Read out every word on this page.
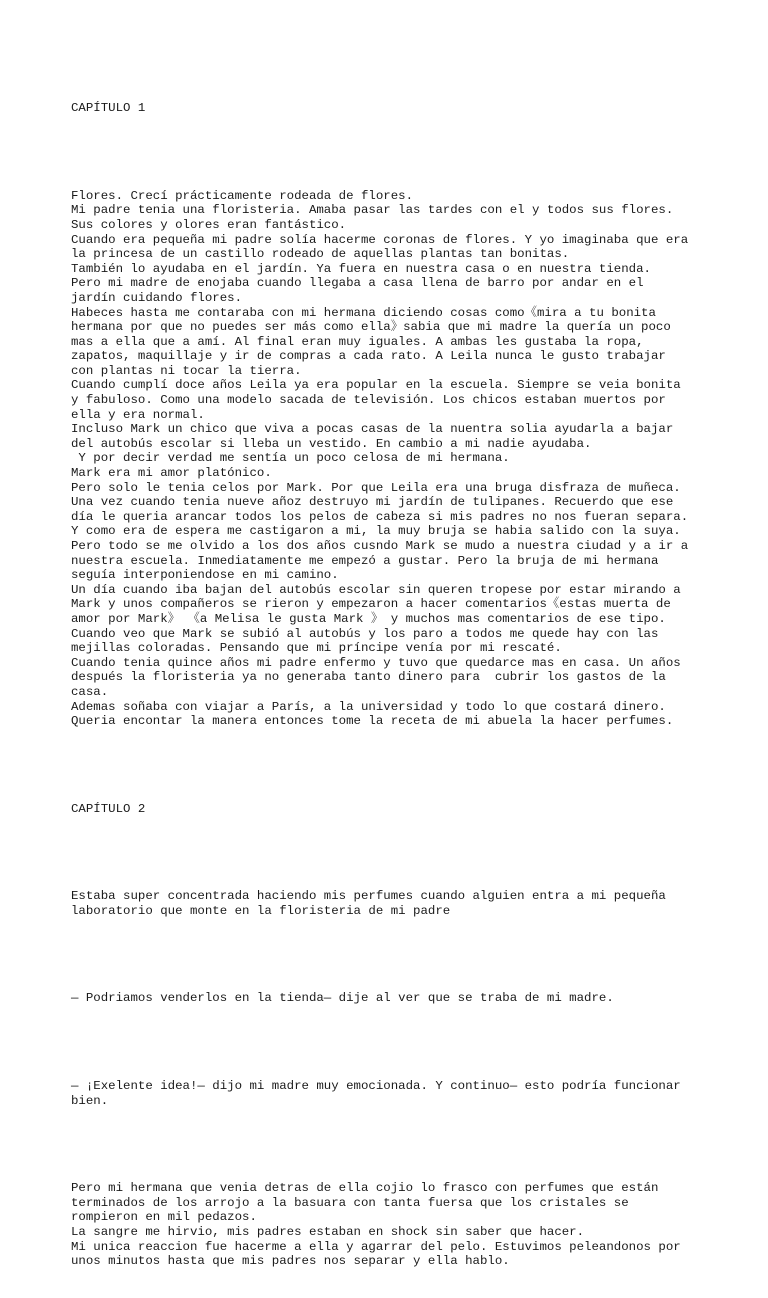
CAPÍTULO 1

Flores. Crecí prácticamente rodeada de flores.
Mi padre tenia una floristeria. Amaba pasar las tardes con el y todos sus flores.
Sus colores y olores eran fantástico.
Cuando era pequeña mi padre solía hacerme coronas de flores. Y yo imaginaba que era
la princesa de un castillo rodeado de aquellas plantas tan bonitas.
También lo ayudaba en el jardín. Ya fuera en nuestra casa o en nuestra tienda.
Pero mi madre de enojaba cuando llegaba a casa llena de barro por andar en el
jardín cuidando flores.
Habeces hasta me contaraba con mi hermana diciendo cosas como《mira a tu bonita
hermana por que no puedes ser más como ella》sabia que mi madre la quería un poco
mas a ella que a amí. Al final eran muy iguales. A ambas les gustaba la ropa,
zapatos, maquillaje y ir de compras a cada rato. A Leila nunca le gusto trabajar
con plantas ni tocar la tierra.
Cuando cumplí doce años Leila ya era popular en la escuela. Siempre se veia bonita
y fabuloso. Como una modelo sacada de televisión. Los chicos estaban muertos por
ella y era normal.
Incluso Mark un chico que viva a pocas casas de la nuentra solia ayudarla a bajar
del autobús escolar si lleba un vestido. En cambio a mi nadie ayudaba.
Y por decir verdad me sentía un poco celosa de mi hermana.
Mark era mi amor platónico.
Pero solo le tenia celos por Mark. Por que Leila era una bruga disfraza de muñeca.
Una vez cuando tenia nueve añoz destruyo mi jardín de tulipanes. Recuerdo que ese
día le queria arancar todos los pelos de cabeza si mis padres no nos fueran separa.
Y como era de espera me castigaron a mi, la muy bruja se habia salido con la suya.
Pero todo se me olvido a los dos años cusndo Mark se mudo a nuestra ciudad y a ir a
nuestra escuela. Inmediatamente me empezó a gustar. Pero la bruja de mi hermana
seguía interponiendose en mi camino.
Un día cuando iba bajan del autobús escolar sin queren tropese por estar mirando a
Mark y unos compañeros se rieron y empezaron a hacer comentarios《estas muerta de
amor por Mark》 《a Melisa le gusta Mark 》 y muchos mas comentarios de ese tipo.
Cuando veo que Mark se subió al autobús y los paro a todos me quede hay con las
mejillas coloradas. Pensando que mi príncipe venía por mi rescaté.
Cuando tenia quince años mi padre enfermo y tuvo que quedarce mas en casa. Un años
después la floristeria ya no generaba tanto dinero para  cubrir los gastos de la
casa.
Ademas soñaba con viajar a París, a la universidad y todo lo que costará dinero.
Queria encontar la manera entonces tome la receta de mi abuela la hacer perfumes.

CAPÍTULO 2

Estaba super concentrada haciendo mis perfumes cuando alguien entra a mi pequeña
laboratorio que monte en la floristeria de mi padre

— Podriamos venderlos en la tienda— dije al ver que se traba de mi madre.

— ¡Exelente idea!— dijo mi madre muy emocionada. Y continuo— esto podría funcionar
bien.

Pero mi hermana que venia detras de ella cojio lo frasco con perfumes que están
terminados de los arrojo a la basuara con tanta fuersa que los cristales se
rompieron en mil pedazos.
La sangre me hirvio, mis padres estaban en shock sin saber que hacer.
Mi unica reaccion fue hacerme a ella y agarrar del pelo. Estuvimos peleandonos por
unos minutos hasta que mis padres nos separar y ella hablo.
